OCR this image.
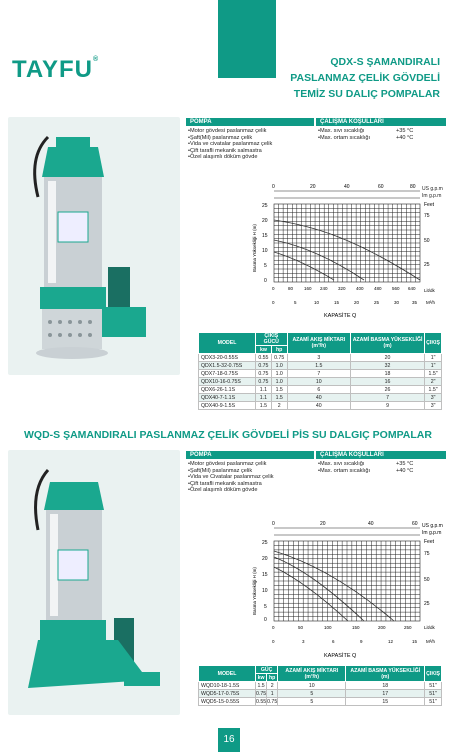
TAYFU®	QDX-S ŞAMANDIRALI
PASLANMAZ ÇELİK GÖVDELİ
TEMİZ SU DALIÇ POMPALAR
POMPA
•Motor gövdesi paslanmaz çelik
•Şaft(Mil) paslanmaz çelik
•Vida ve civatalar paslanmaz çelik
•Çift tarafli mekanik salmastra
•Özel alaşımlı döküm gövde
ÇALIŞMA KOŞULLARI
•Max. sıvı sıcaklığı	+35 °C
•Max. ortam sıcaklığı	+40 °C
US g.p.m
Im g.p.m
0	20	40	60	80
25
20
15
10
5
0
Feet
75
50
25
Basma Yüksekliği H (m)
0	80 160 240 320 400 480 560 640 Lit/dk
0	5	10	15	20	25	30	35 M³/h
KAPASİTE Q
MODEL	ÇIKIŞ GÜCÜ		AZAMİ AKIŞ MİKTARI (m³/h)	AZAMİ BASMA YÜKSEKLİĞİ (m)	ÇIKIŞ
	kw	hp			
QDX3-20-0.55S	0.55	0.75	3	20	1"
QDX1.5-32-0.75S	0.75	1.0	1.5	32	1"
QDX7-18-0.75S	0.75	1.0	7	18	1.5"
QDX10-16-0.75S	0.75	1.0	10	16	2"
QDX6-26-1.1S	1.1	1.5	6	26	1.5"
QDX40-7-1.1S	1.1	1.5	40	7	3"
QDX40-9-1.5S	1.5	2	40	9	3"
WQD-S ŞAMANDIRALI PASLANMAZ ÇELİK GÖVDELİ PİS SU DALGIÇ POMPALAR
POMPA
•Motor gövdesi paslanmaz çelik
•Şaft(Mil) paslanmaz çelik
•Vida ve Civatalar paslanmaz çelik
•Çift tarafli mekanik salmastra
•Özel alaşımlı döküm gövde
ÇALIŞMA KOŞULLARI
•Max. sıvı sıcaklığı	+35 °C
•Max. ortam sıcaklığı	+40 °C
US g.p.m
Im g.p.m
0	20	40	60
25
20
15
10
5
0
Feet
75
50
25
Basma Yüksekliği H (m)
0	50	100	150	200	250	Lit/dk
0	3	6	9	12	15 M³/h
KAPASİTE Q
MODEL	GÜÇ		AZAMİ AKIŞ MİKTARI (m³/h)	AZAMİ BASMA YÜKSEKLİĞİ (m)	ÇIKIŞ
	kw	hp			
WQD10-18-1.5S	1.5	2	10	18	51"
WQD5-17-0.75S	0.75	1	5	17	51"
WQD5-15-0.55S	0.55	0.75	5	15	51"
16
